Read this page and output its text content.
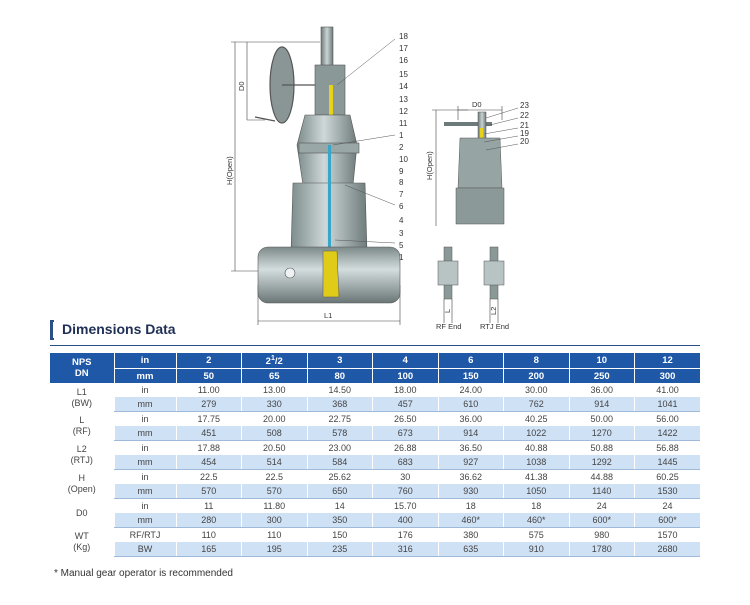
H(Open)
D0
L1
18
17
16
15
14
13
12
11
1
2
10
9
8
7
6
4
3
5
1
D0
H(Open)
23
22
21
19
20
L	L2
RF End RTJ End
Dimensions Data
NPS
DN	in	2	$2^1/2$	3	4	6	8	10	12
	mm	50	65	80	100	150	200	250	300

L1
(BW)	in	11.00	13.00	14.50	18.00	24.00	30.00	36.00	41.00
	mm	279	330	368	457	610	762	914	1041

L
(RF)	in	17.75	20.00	22.75	26.50	36.00	40.25	50.00	56.00
	mm	451	508	578	673	914	1022	1270	1422

L2
(RTJ)	in	17.88	20.50	23.00	26.88	36.50	40.88	50.88	56.88
	mm	454	514	584	683	927	1038	1292	1445

H
(Open)	in	22.5	22.5	25.62	30	36.62	41.38	44.88	60.25
	mm	570	570	650	760	930	1050	1140	1530

D0	in	11	11.80	14	15.70	18	18	24	24
	mm	280	300	350	400	460*	460*	600*	600*

WT
(Kg)	RF/RTJ	110	110	150	176	380	575	980	1570
	BW	165	195	235	316	635	910	1780	2680
* Manual gear operator is recommended
